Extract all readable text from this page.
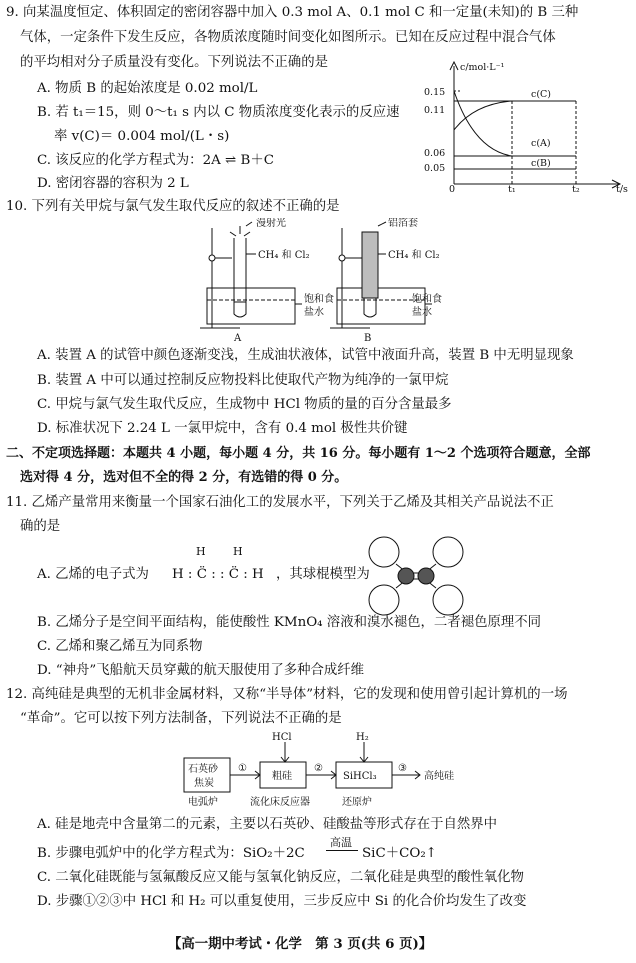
9. 向某温度恒定、体积固定的密闭容器中加入 0.3 mol A、0.1 mol C 和一定量(未知)的 B 三种
气体，一定条件下发生反应，各物质浓度随时间变化如图所示。已知在反应过程中混合气体
的平均相对分子质量没有变化。下列说法不正确的是
A. 物质 B 的起始浓度是 0.02 mol/L
B. 若 t₁＝15，则 0～t₁ s 内以 C 物质浓度变化表示的反应速
率 v(C)＝ 0.004 mol/(L・s)
C. 该反应的化学方程式为：2A ⇌ B＋C
D. 密闭容器的容积为 2 L
c/mol·L⁻¹
0.15
0.11
0.06
0.05
0	t₁	t₂	t/s
c(C)
c(A)
c(B)
10. 下列有关甲烷与氯气发生取代反应的叙述不正确的是
漫射光
CH₄ 和 Cl₂
饱和食
盐水
铝箔套
CH₄ 和 Cl₂
饱和食
盐水
A	B
A. 装置 A 的试管中颜色逐渐变浅，生成油状液体，试管中液面升高，装置 B 中无明显现象
B. 装置 A 中可以通过控制反应物投料比使取代产物为纯净的一氯甲烷
C. 甲烷与氯气发生取代反应，生成物中 HCl 物质的量的百分含量最多
D. 标准状况下 2.24 L 一氯甲烷中，含有 0.4 mol 极性共价键
二、不定项选择题：本题共 4 小题，每小题 4 分，共 16 分。每小题有 1～2 个选项符合题意，全部
选对得 4 分，选对但不全的得 2 分，有选错的得 0 分。
11. 乙烯产量常用来衡量一个国家石油化工的发展水平，下列关于乙烯及其相关产品说法不正
确的是
H H
A. 乙烯的电子式为 H : C̈ : : C̈ : H ，其球棍模型为
B. 乙烯分子是空间平面结构，能使酸性 KMnO₄ 溶液和溴水褪色，二者褪色原理不同
C. 乙烯和聚乙烯互为同系物
D. “神舟”飞船航天员穿戴的航天服使用了多种合成纤维
12. 高纯硅是典型的无机非金属材料，又称“半导体”材料，它的发现和使用曾引起计算机的一场
“革命”。它可以按下列方法制备，下列说法不正确的是
石英砂
焦炭
①
粗硅
HCl
②
SiHCl₃
H₂
③
高纯硅
电弧炉	流化床反应器	还原炉
A. 硅是地壳中含量第二的元素，主要以石英砂、硅酸盐等形式存在于自然界中
B. 步骤电弧炉中的化学方程式为：SiO₂＋2C
高温
SiC＋CO₂↑
C. 二氧化硅既能与氢氟酸反应又能与氢氧化钠反应，二氧化硅是典型的酸性氧化物
D. 步骤①②③中 HCl 和 H₂ 可以重复使用，三步反应中 Si 的化合价均发生了改变
【高一期中考试・化学　第 3 页(共 6 页)】
